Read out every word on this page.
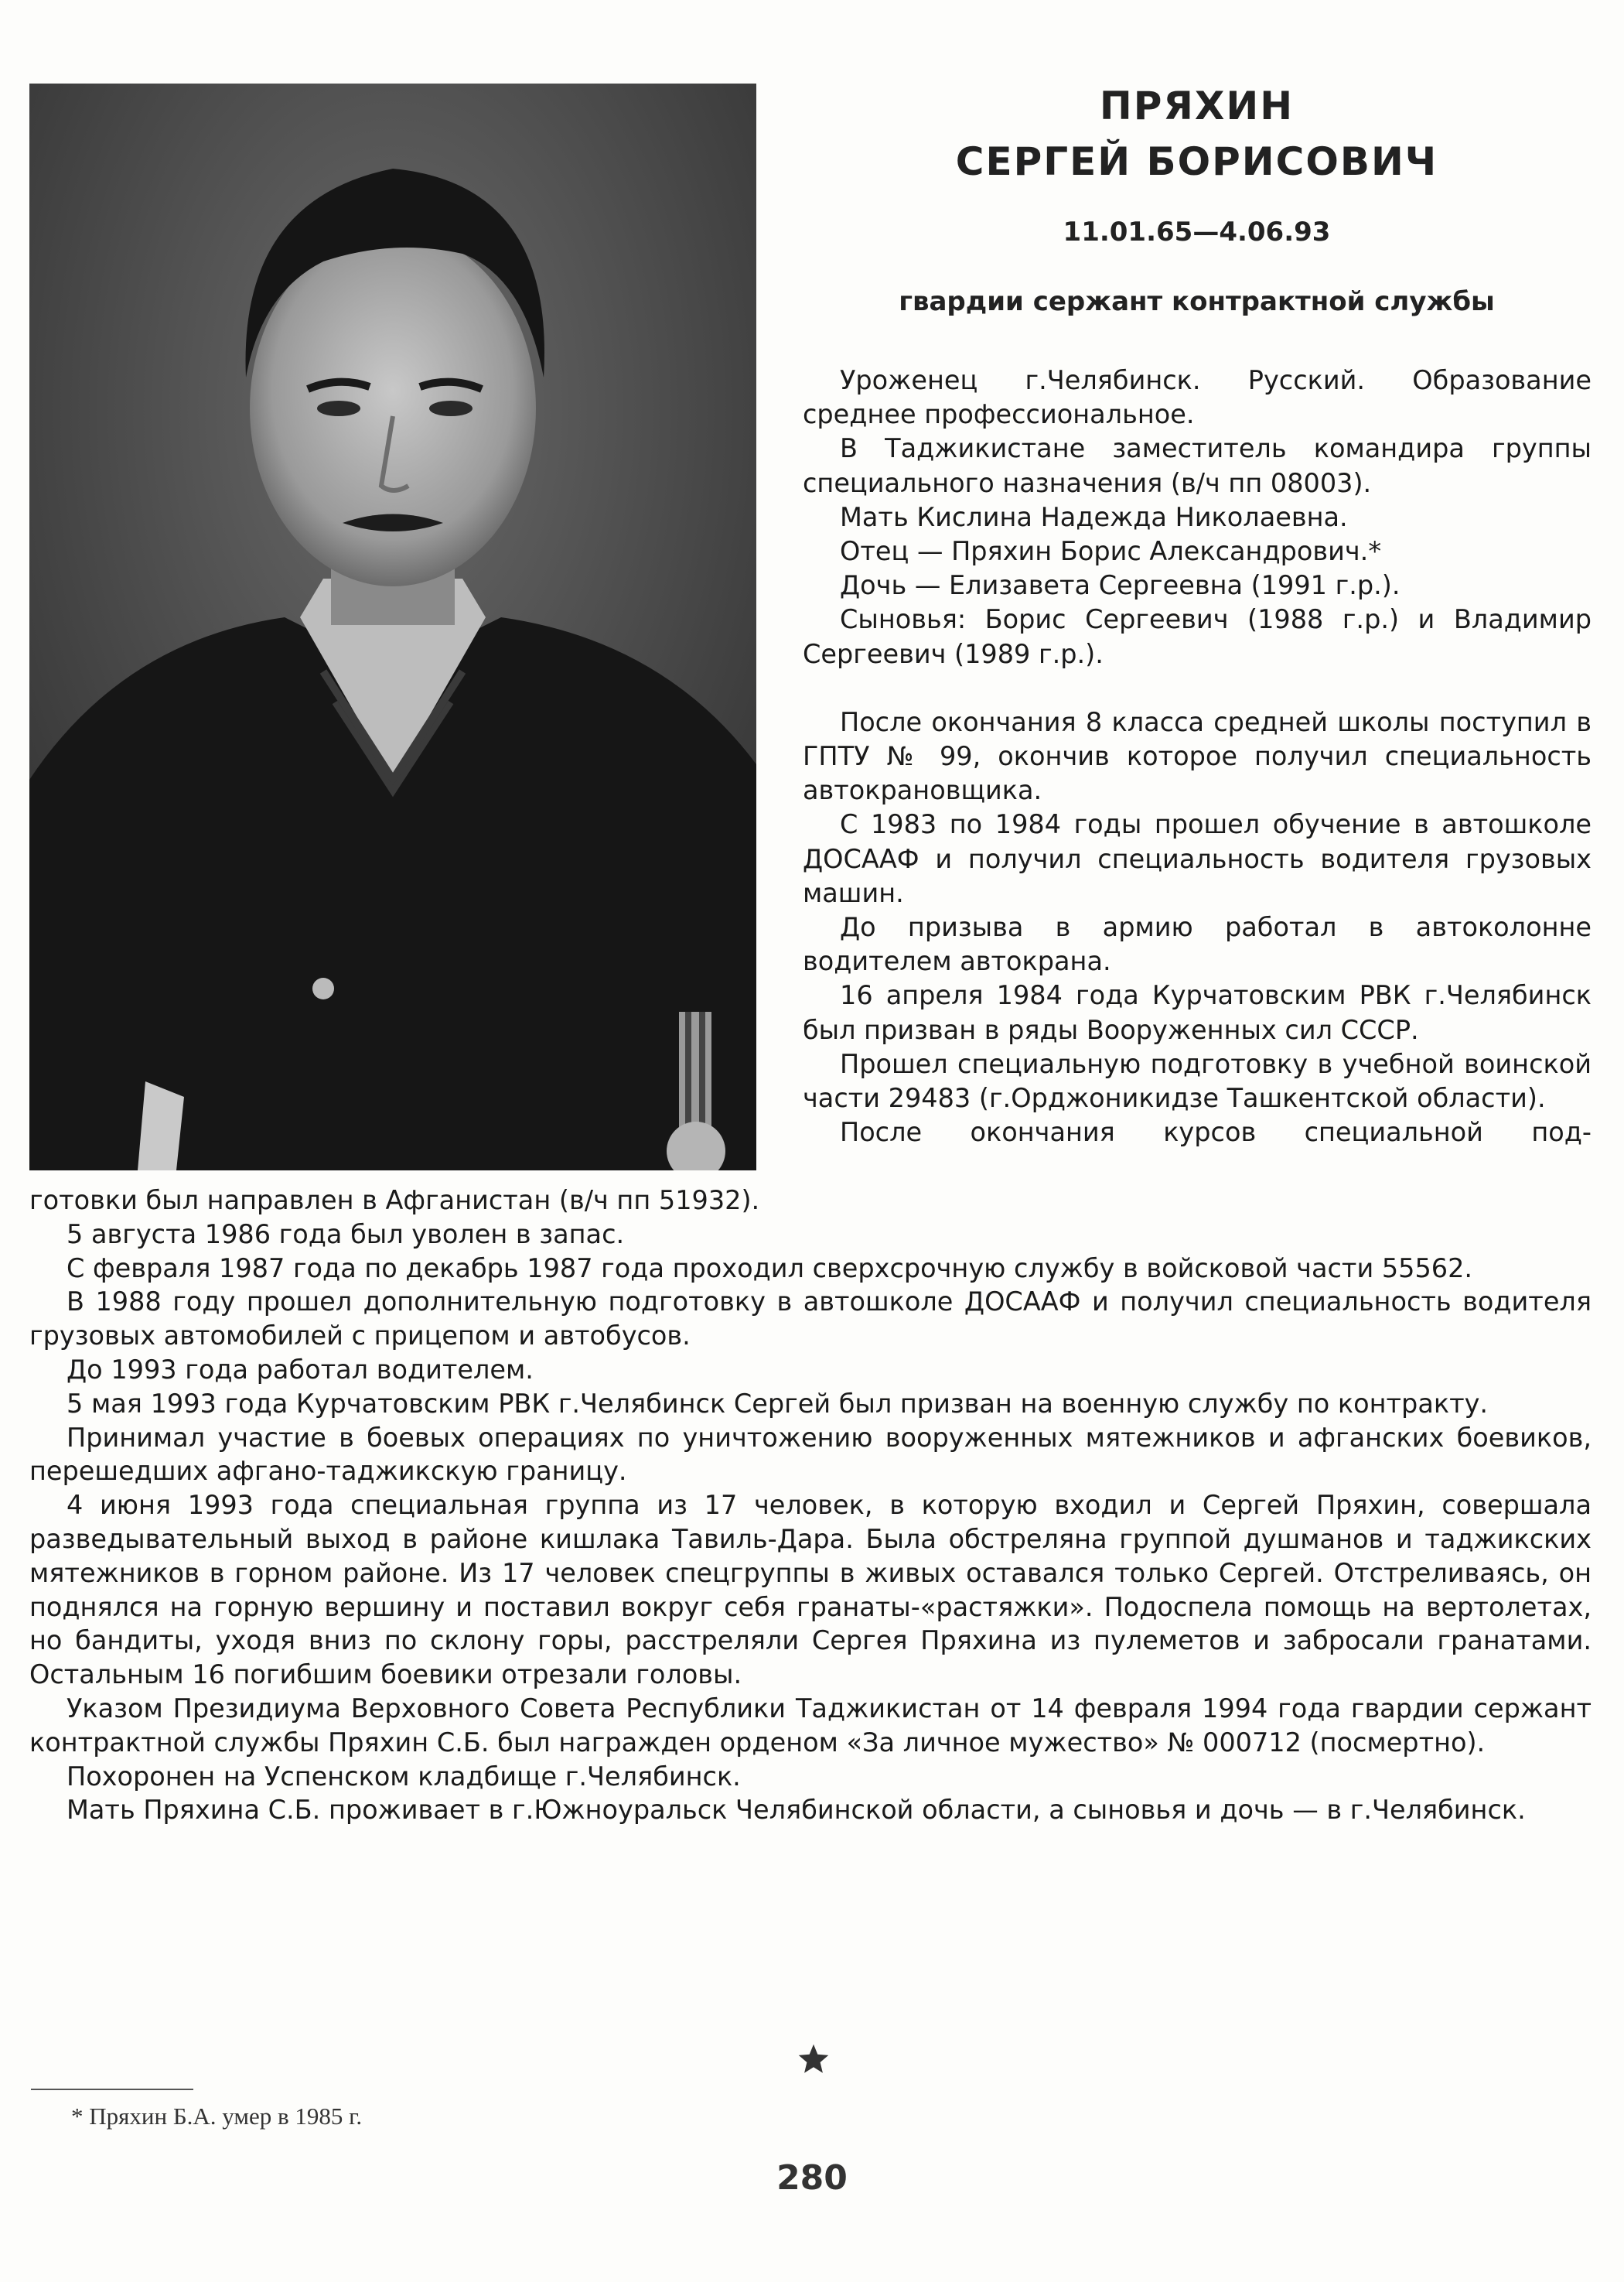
ПРЯХИН
СЕРГЕЙ БОРИСОВИЧ
11.01.65—4.06.93
гвардии сержант контрактной службы

Уроженец г.Челябинск. Русский. Образование среднее профессиональное.

В Таджикистане заместитель командира группы специального назначения (в/ч пп 08003).

Мать Кислина Надежда Николаевна.

Отец — Пряхин Борис Александрович.*

Дочь — Елизавета Сергеевна (1991 г.р.).

Сыновья: Борис Сергеевич (1988 г.р.) и Владимир Сергеевич (1989 г.р.).

После окончания 8 класса средней школы поступил в ГПТУ № 99, окончив которое получил специальность автокрановщика.

С 1983 по 1984 годы прошел обучение в автошколе ДОСААФ и получил специальность водителя грузовых машин.

До призыва в армию работал в автоколонне водителем автокрана.

16 апреля 1984 года Курчатовским РВК г.Челябинск был призван в ряды Вооруженных сил СССР.

Прошел специальную подготовку в учебной воинской части 29483 (г.Орджоникидзе Ташкентской области).

После окончания курсов специальной под-

готовки был направлен в Афганистан (в/ч пп 51932).

5 августа 1986 года был уволен в запас.

С февраля 1987 года по декабрь 1987 года проходил сверхсрочную службу в войсковой части 55562.

В 1988 году прошел дополнительную подготовку в автошколе ДОСААФ и получил специальность водителя грузовых автомобилей с прицепом и автобусов.

До 1993 года работал водителем.

5 мая 1993 года Курчатовским РВК г.Челябинск Сергей был призван на военную службу по контракту.

Принимал участие в боевых операциях по уничтожению вооруженных мятежников и афганских боевиков, перешедших афгано-таджикскую границу.

4 июня 1993 года специальная группа из 17 человек, в которую входил и Сергей Пряхин, совершала разведывательный выход в районе кишлака Тавиль-Дара. Была обстреляна группой душманов и таджикских мятежников в горном районе. Из 17 человек спецгруппы в живых оставался только Сергей. Отстреливаясь, он поднялся на горную вершину и поставил вокруг себя гранаты-«растяжки». Подоспела помощь на вертолетах, но бандиты, уходя вниз по склону горы, расстреляли Сергея Пряхина из пулеметов и забросали гранатами. Остальным 16 погибшим боевики отрезали головы.

Указом Президиума Верховного Совета Республики Таджикистан от 14 февраля 1994 года гвардии сержант контрактной службы Пряхин С.Б. был награжден орденом «За личное мужество» № 000712 (посмертно).

Похоронен на Успенском кладбище г.Челябинск.

Мать Пряхина С.Б. проживает в г.Южноуральск Челябинской области, а сыновья и дочь — в г.Челябинск.

* Пряхин Б.А. умер в 1985 г.
280
